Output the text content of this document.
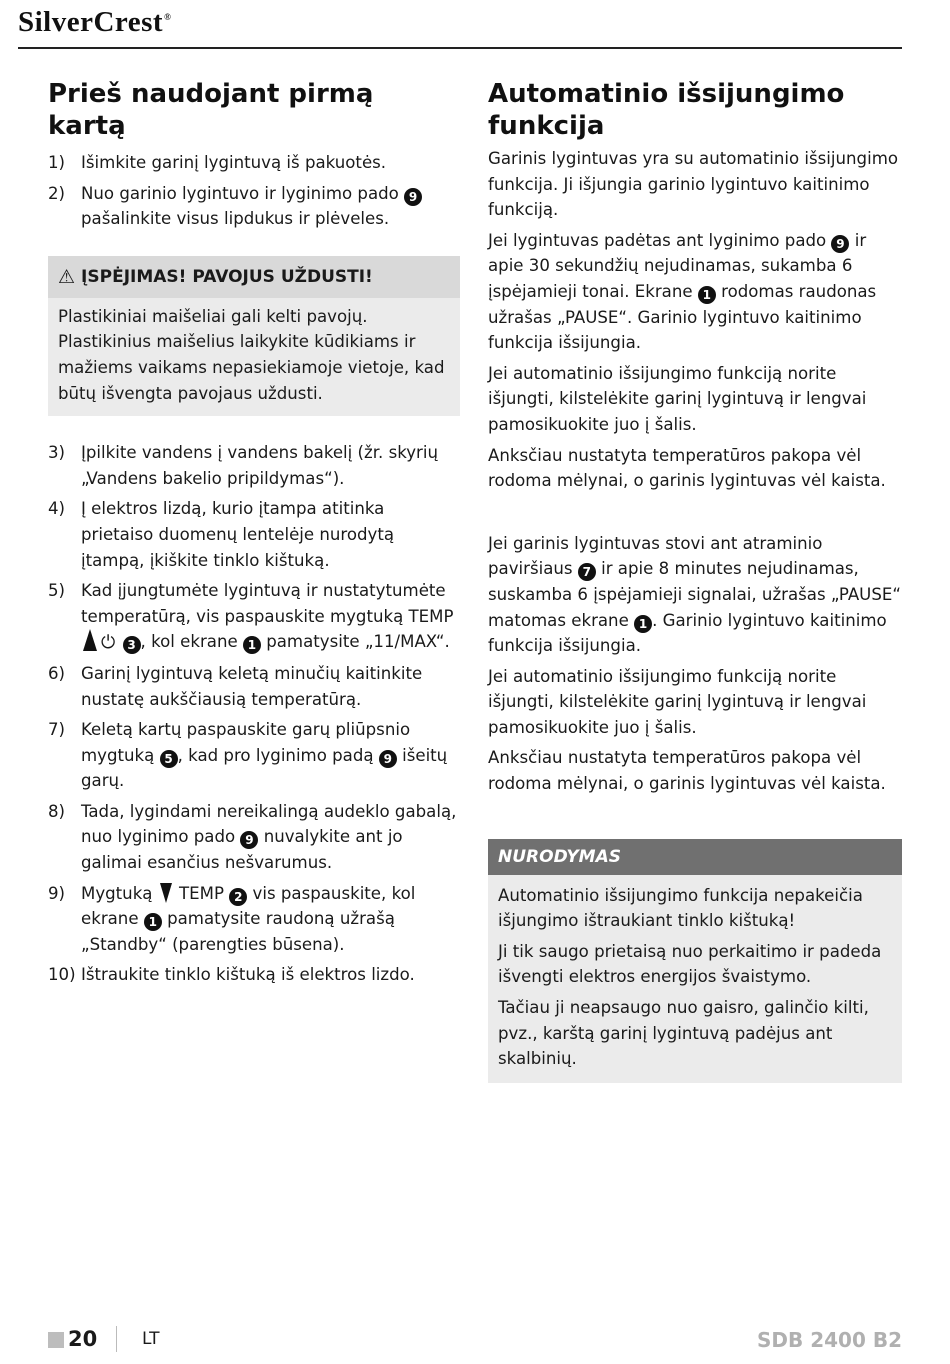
SilverCrest®
Prieš naudojant pirmą kartą
1) Išimkite garinį lygintuvą iš pakuotės.
2) Nuo garinio lygintuvo ir lyginimo pado 9 pašalinkite visus lipdukus ir plėveles.
⚠ ĮSPĖJIMAS! PAVOJUS UŽDUSTI!
Plastikiniai maišeliai gali kelti pavojų. Plastikinius maišelius laikykite kūdikiams ir mažiems vaikams nepasiekiamoje vietoje, kad būtų išvengta pavojaus uždusti.
3) Įpilkite vandens į vandens bakelį (žr. skyrių „Vandens bakelio pripildymas“).
4) Į elektros lizdą, kurio įtampa atitinka prietaiso duomenų lentelėje nurodytą įtampą, įkiškite tinklo kištuką.
5) Kad įjungtumėte lygintuvą ir nustatytumėte temperatūrą, vis paspauskite mygtuką TEMP ⏻ 3 , kol ekrane 1 pamatysite „11/MAX“.
6) Garinį lygintuvą keletą minučių kaitinkite nustatę aukščiausią temperatūrą.
7) Keletą kartų paspauskite garų pliūpsnio mygtuką 5 , kad pro lyginimo padą 9 išeitų garų.
8) Tada, lygindami nereikalingą audeklo gabalą, nuo lyginimo pado 9 nuvalykite ant jo galimai esančius nešvarumus.
9) Mygtuką  TEMP 2 vis paspauskite, kol ekrane 1 pamatysite raudoną užrašą „Standby“ (parengties būsena).
10) Ištraukite tinklo kištuką iš elektros lizdo.
Automatinio išsijungimo funkcija

Garinis lygintuvas yra su automatinio išsijungimo funkcija. Ji išjungia garinio lygintuvo kaitinimo funkciją.

Jei lygintuvas padėtas ant lyginimo pado 9 ir apie 30 sekundžių nejudinamas, sukamba 6 įspėjamieji tonai. Ekrane 1 rodomas raudonas užrašas „PAUSE“. Garinio lygintuvo kaitinimo funkcija išsijungia.

Jei automatinio išsijungimo funkciją norite išjungti, kilstelėkite garinį lygintuvą ir lengvai pamosikuokite juo į šalis.

Anksčiau nustatyta temperatūros pakopa vėl rodoma mėlynai, o garinis lygintuvas vėl kaista.

Jei garinis lygintuvas stovi ant atraminio paviršiaus 7 ir apie 8 minutes nejudinamas, suskamba 6 įspėjamieji signalai, užrašas „PAUSE“ matomas ekrane 1 . Garinio lygintuvo kaitinimo funkcija išsijungia.

Jei automatinio išsijungimo funkciją norite išjungti, kilstelėkite garinį lygintuvą ir lengvai pamosikuokite juo į šalis.

Anksčiau nustatyta temperatūros pakopa vėl rodoma mėlynai, o garinis lygintuvas vėl kaista.

NURODYMAS

Automatinio išsijungimo funkcija nepakeičia išjungimo ištraukiant tinklo kištuką!

Ji tik saugo prietaisą nuo perkaitimo ir padeda išvengti elektros energijos švaistymo.

Tačiau ji neapsaugo nuo gaisro, galinčio kilti, pvz., karštą garinį lygintuvą padėjus ant skalbinių.

20	LT	SDB 2400 B2
